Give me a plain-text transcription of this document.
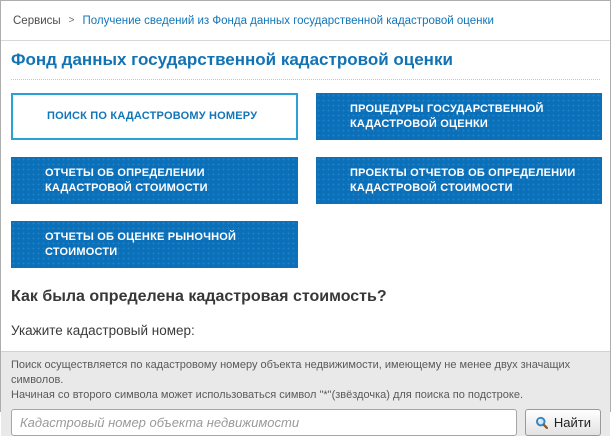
Сервисы > Получение сведений из Фонда данных государственной кадастровой оценки
Фонд данных государственной кадастровой оценки
ПОИСК ПО КАДАСТРОВОМУ НОМЕРУ
ПРОЦЕДУРЫ ГОСУДАРСТВЕННОЙ КАДАСТРОВОЙ ОЦЕНКИ
ОТЧЕТЫ ОБ ОПРЕДЕЛЕНИИ КАДАСТРОВОЙ СТОИМОСТИ
ПРОЕКТЫ ОТЧЕТОВ ОБ ОПРЕДЕЛЕНИИ КАДАСТРОВОЙ СТОИМОСТИ
ОТЧЕТЫ ОБ ОЦЕНКЕ РЫНОЧНОЙ СТОИМОСТИ
Как была определена кадастровая стоимость?
Укажите кадастровый номер:
Поиск осуществляется по кадастровому номеру объекта недвижимости, имеющему не менее двух значащих символов.
Начиная со второго символа может использоваться символ "*"(звёздочка) для поиска по подстроке.
Кадастровый номер объекта недвижимости
Найти
